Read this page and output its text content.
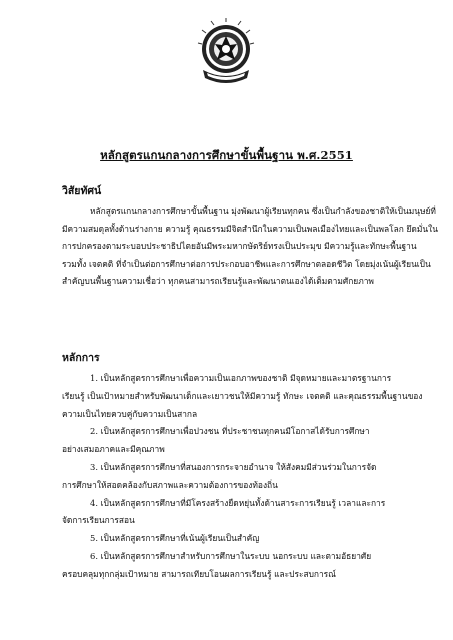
หลักสูตรแกนกลางการศึกษาขั้นพื้นฐาน พ.ศ.2551
วิสัยทัศน์
หลักสูตรแกนกลางการศึกษาขั้นพื้นฐาน มุ่งพัฒนาผู้เรียนทุกคน ซึ่งเป็นกำลังของชาติให้เป็นมนุษย์ที่
มีความสมดุลทั้งด้านร่างกาย ความรู้ คุณธรรมมีจิตสำนึกในความเป็นพลเมืองไทยและเป็นพลโลก ยึดมั่นใน
การปกครองตามระบอบประชาธิปไตยอันมีพระมหากษัตริย์ทรงเป็นประมุข มีความรู้และทักษะพื้นฐาน
รวมทั้ง เจตคติ ที่จำเป็นต่อการศึกษาต่อการประกอบอาชีพและการศึกษาตลอดชีวิต โดยมุ่งเน้นผู้เรียนเป็น
สำคัญบนพื้นฐานความเชื่อว่า ทุกคนสามารถเรียนรู้และพัฒนาตนเองได้เต็มตามศักยภาพ
หลักการ
1. เป็นหลักสูตรการศึกษาเพื่อความเป็นเอกภาพของชาติ มีจุดหมายและมาตรฐานการ
เรียนรู้ เป็นเป้าหมายสำหรับพัฒนาเด็กและเยาวชนให้มีความรู้ ทักษะ เจตคติ และคุณธรรมพื้นฐานของ
ความเป็นไทยควบคู่กับความเป็นสากล
2. เป็นหลักสูตรการศึกษาเพื่อปวงชน ที่ประชาชนทุกคนมีโอกาสได้รับการศึกษา
อย่างเสมอภาคและมีคุณภาพ
3. เป็นหลักสูตรการศึกษาที่สนองการกระจายอำนาจ ให้สังคมมีส่วนร่วมในการจัด
การศึกษาให้สอดคล้องกับสภาพและความต้องการของท้องถิ่น
4. เป็นหลักสูตรการศึกษาที่มีโครงสร้างยืดหยุ่นทั้งด้านสาระการเรียนรู้ เวลาและการ
จัดการเรียนการสอน
5. เป็นหลักสูตรการศึกษาที่เน้นผู้เรียนเป็นสำคัญ
6. เป็นหลักสูตรการศึกษาสำหรับการศึกษาในระบบ นอกระบบ และตามอัธยาศัย
ครอบคลุมทุกกลุ่มเป้าหมาย สามารถเทียบโอนผลการเรียนรู้ และประสบการณ์
